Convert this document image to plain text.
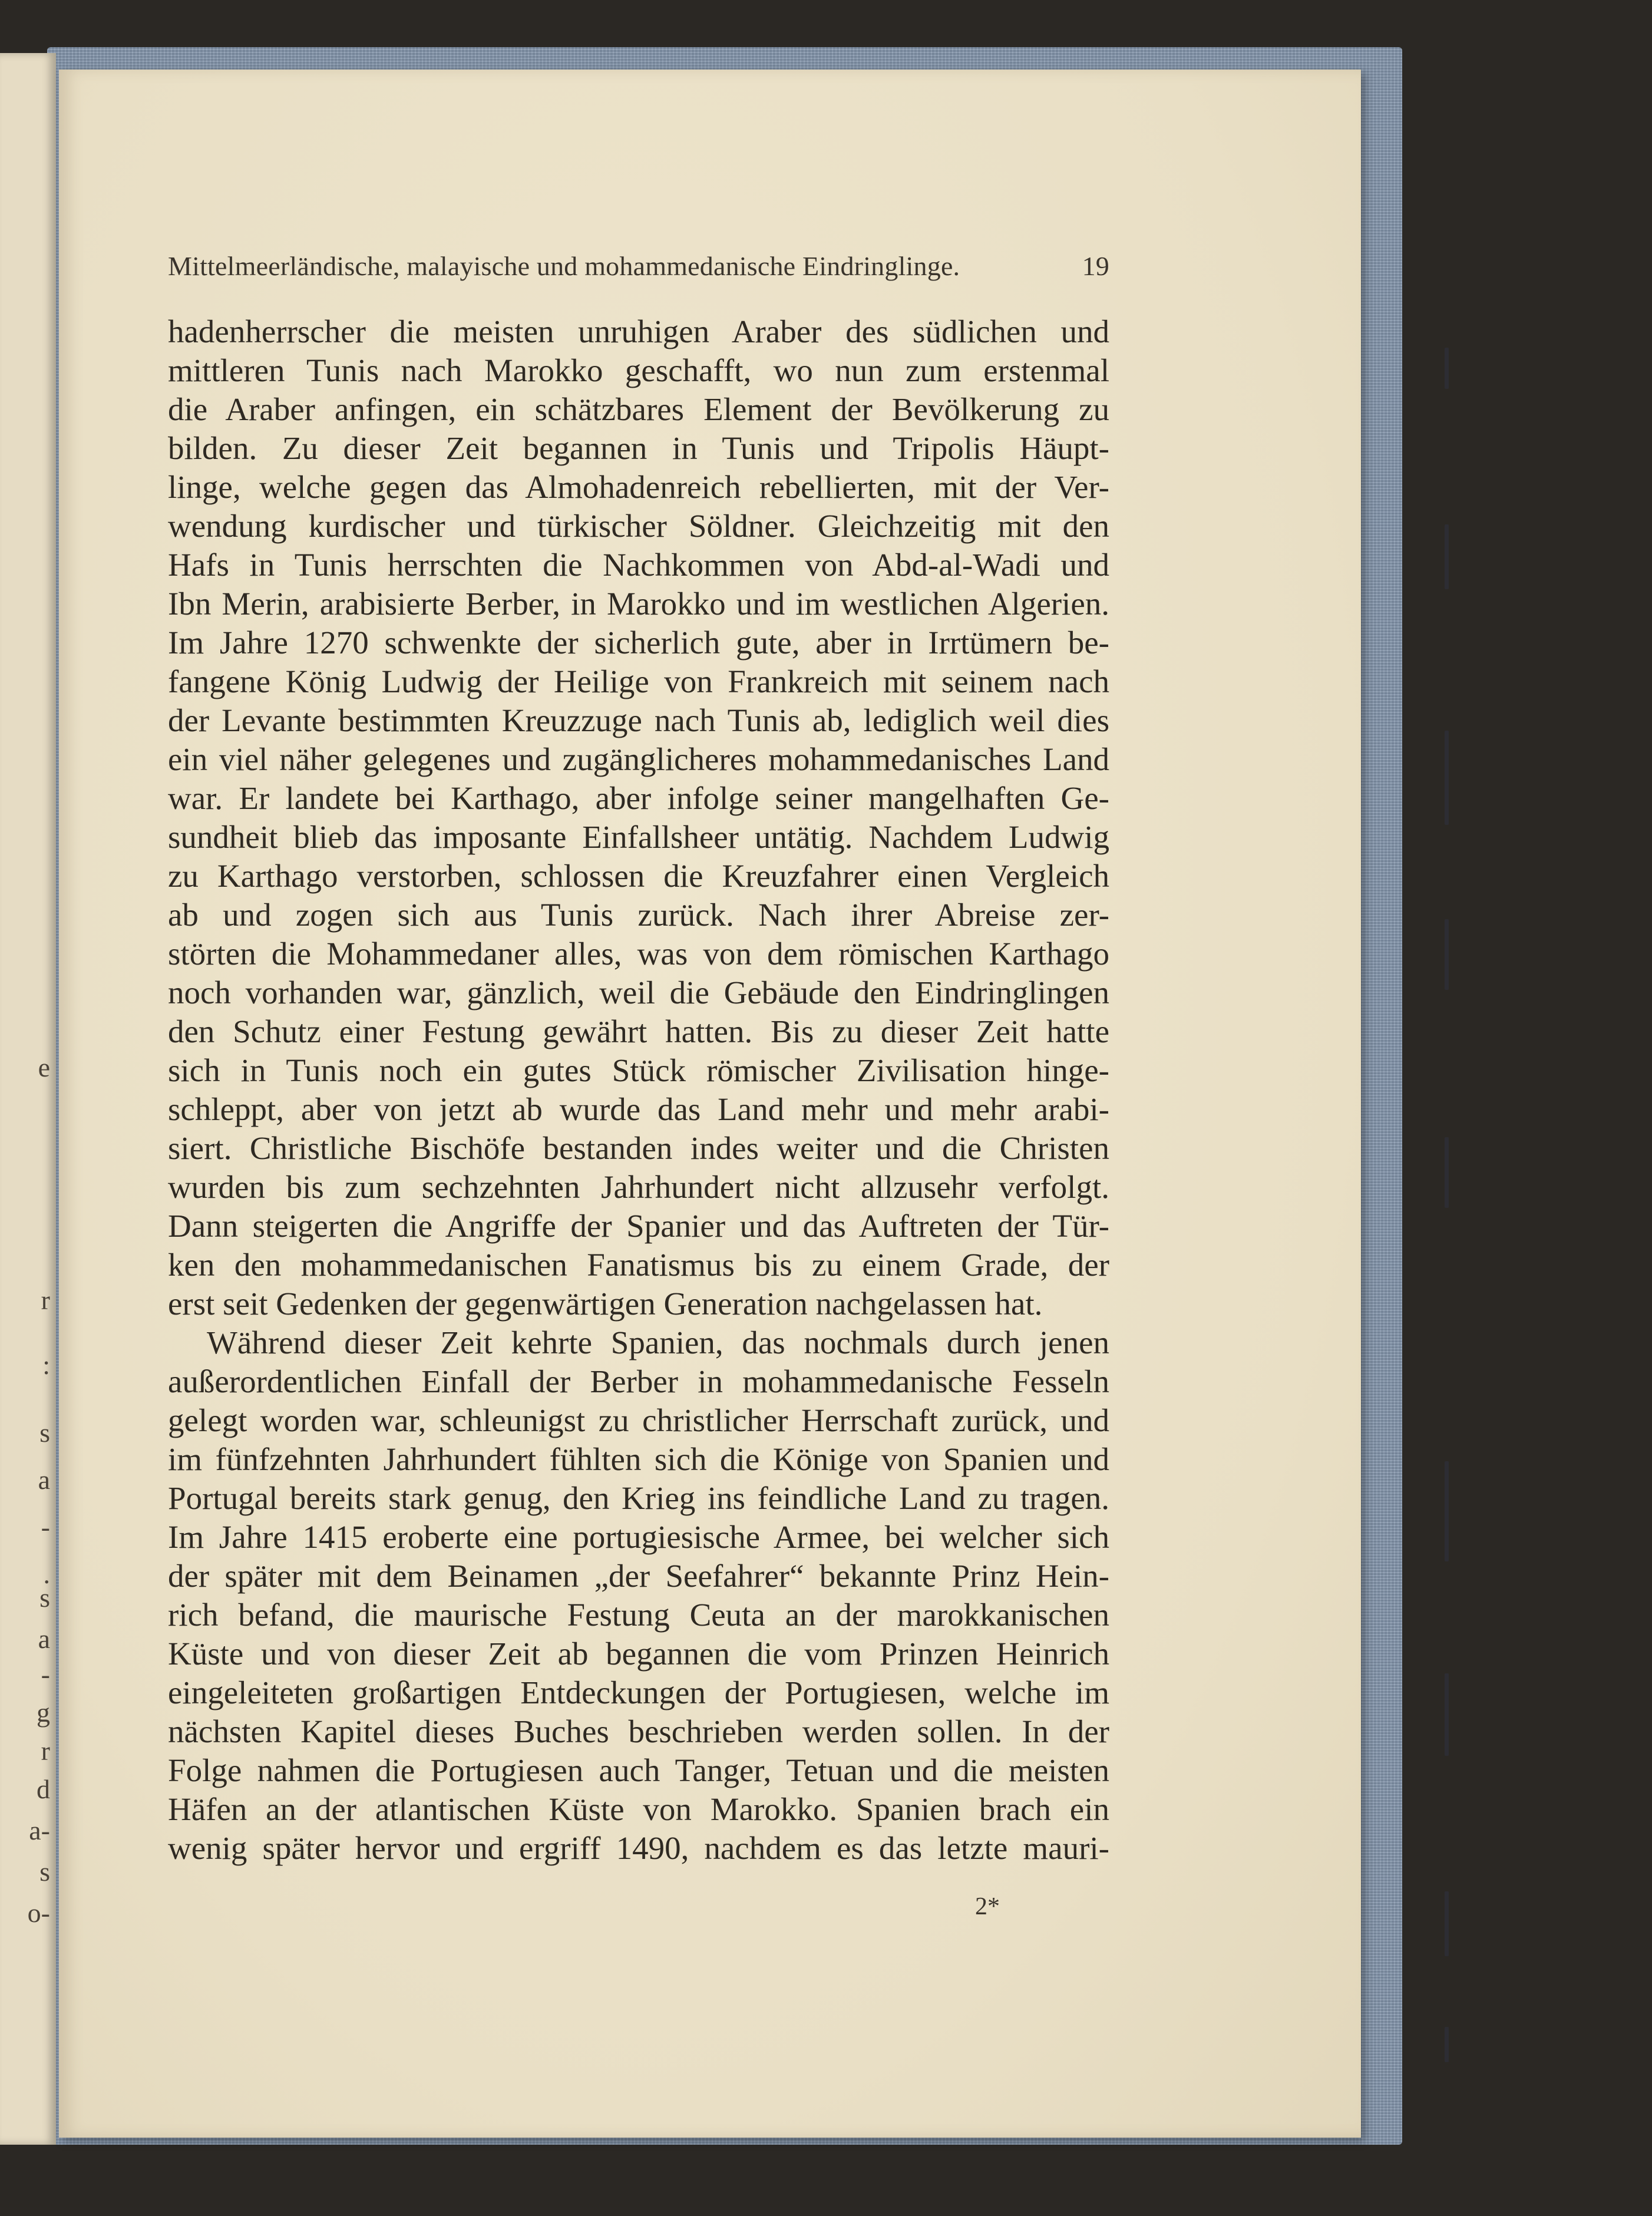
e
r
:
s
a
-
.
s
a
-
g
r
d
a-
s
o-
Mittelmeerländische, malayische und mohammedanische Eindringlinge.	19
hadenherrscher die meisten unruhigen Araber des südlichen und
mittleren Tunis nach Marokko geschafft, wo nun zum erstenmal
die Araber anfingen, ein schätzbares Element der Bevölkerung zu
bilden. Zu dieser Zeit begannen in Tunis und Tripolis Häupt-
linge, welche gegen das Almohadenreich rebellierten, mit der Ver-
wendung kurdischer und türkischer Söldner. Gleichzeitig mit den
Hafs in Tunis herrschten die Nachkommen von Abd-al-Wadi und
Ibn Merin, arabisierte Berber, in Marokko und im westlichen Algerien.
Im Jahre 1270 schwenkte der sicherlich gute, aber in Irrtümern be-
fangene König Ludwig der Heilige von Frankreich mit seinem nach
der Levante bestimmten Kreuzzuge nach Tunis ab, lediglich weil dies
ein viel näher gelegenes und zugänglicheres mohammedanisches Land
war. Er landete bei Karthago, aber infolge seiner mangelhaften Ge-
sundheit blieb das imposante Einfallsheer untätig. Nachdem Ludwig
zu Karthago verstorben, schlossen die Kreuzfahrer einen Vergleich
ab und zogen sich aus Tunis zurück. Nach ihrer Abreise zer-
störten die Mohammedaner alles, was von dem römischen Karthago
noch vorhanden war, gänzlich, weil die Gebäude den Eindringlingen
den Schutz einer Festung gewährt hatten. Bis zu dieser Zeit hatte
sich in Tunis noch ein gutes Stück römischer Zivilisation hinge-
schleppt, aber von jetzt ab wurde das Land mehr und mehr arabi-
siert. Christliche Bischöfe bestanden indes weiter und die Christen
wurden bis zum sechzehnten Jahrhundert nicht allzusehr verfolgt.
Dann steigerten die Angriffe der Spanier und das Auftreten der Tür-
ken den mohammedanischen Fanatismus bis zu einem Grade, der
erst seit Gedenken der gegenwärtigen Generation nachgelassen hat.
Während dieser Zeit kehrte Spanien, das nochmals durch jenen
außerordentlichen Einfall der Berber in mohammedanische Fesseln
gelegt worden war, schleunigst zu christlicher Herrschaft zurück, und
im fünfzehnten Jahrhundert fühlten sich die Könige von Spanien und
Portugal bereits stark genug, den Krieg ins feindliche Land zu tragen.
Im Jahre 1415 eroberte eine portugiesische Armee, bei welcher sich
der später mit dem Beinamen „der Seefahrer“ bekannte Prinz Hein-
rich befand, die maurische Festung Ceuta an der marokkanischen
Küste und von dieser Zeit ab begannen die vom Prinzen Heinrich
eingeleiteten großartigen Entdeckungen der Portugiesen, welche im
nächsten Kapitel dieses Buches beschrieben werden sollen. In der
Folge nahmen die Portugiesen auch Tanger, Tetuan und die meisten
Häfen an der atlantischen Küste von Marokko. Spanien brach ein
wenig später hervor und ergriff 1490, nachdem es das letzte mauri-
2*
